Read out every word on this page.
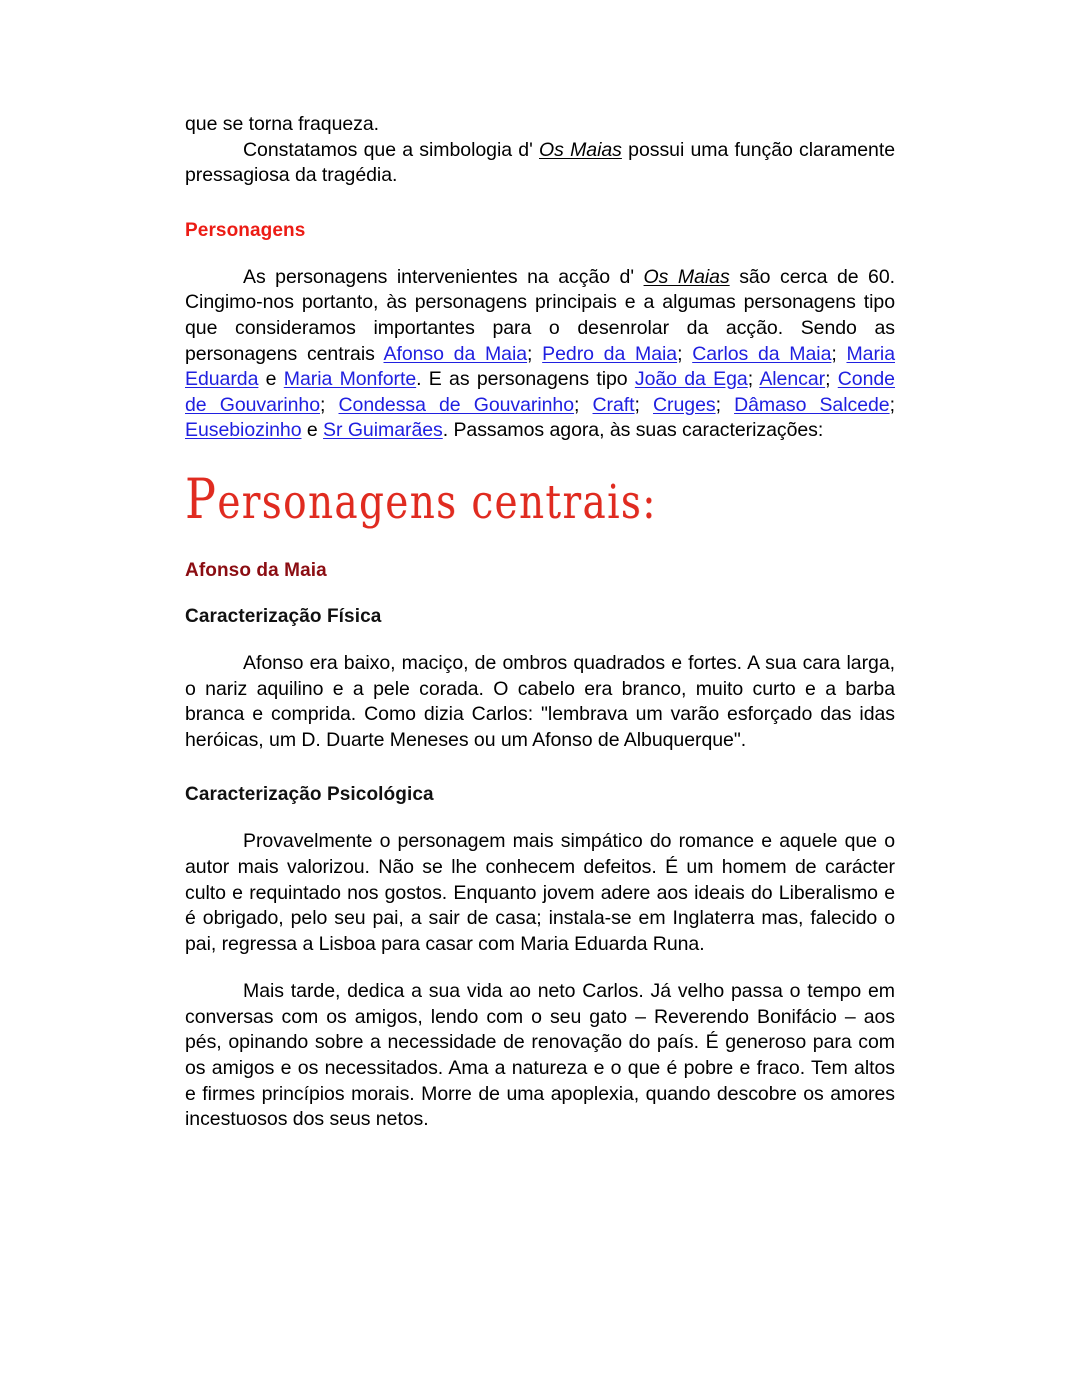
que se torna fraqueza.

Constatamos que a simbologia d' Os Maias possui uma função claramente pressagiosa da tragédia.

Personagens

As personagens intervenientes na acção d' Os Maias são cerca de 60. Cingimo-nos portanto, às personagens principais e a algumas personagens tipo que consideramos importantes para o desenrolar da acção. Sendo as personagens centrais Afonso da Maia; Pedro da Maia; Carlos da Maia; Maria Eduarda e Maria Monforte. E as personagens tipo João da Ega; Alencar; Conde de Gouvarinho; Condessa de Gouvarinho; Craft; Cruges; Dâmaso Salcede; Eusebiozinho e Sr Guimarães. Passamos agora, às suas caracterizações:

Personagens centrais:
Afonso da Maia
Caracterização Física

Afonso era baixo, maciço, de ombros quadrados e fortes. A sua cara larga, o nariz aquilino e a pele corada. O cabelo era branco, muito curto e a barba branca e comprida. Como dizia Carlos: "lembrava um varão esforçado das idas heróicas, um D. Duarte Meneses ou um Afonso de Albuquerque".

Caracterização Psicológica

Provavelmente o personagem mais simpático do romance e aquele que o autor mais valorizou. Não se lhe conhecem defeitos. É um homem de carácter culto e requintado nos gostos. Enquanto jovem adere aos ideais do Liberalismo e é obrigado, pelo seu pai, a sair de casa; instala-se em Inglaterra mas, falecido o pai, regressa a Lisboa para casar com Maria Eduarda Runa.

Mais tarde, dedica a sua vida ao neto Carlos. Já velho passa o tempo em conversas com os amigos, lendo com o seu gato – Reverendo Bonifácio – aos pés, opinando sobre a necessidade de renovação do país. É generoso para com os amigos e os necessitados. Ama a natureza e o que é pobre e fraco. Tem altos e firmes princípios morais. Morre de uma apoplexia, quando descobre os amores incestuosos dos seus netos.
